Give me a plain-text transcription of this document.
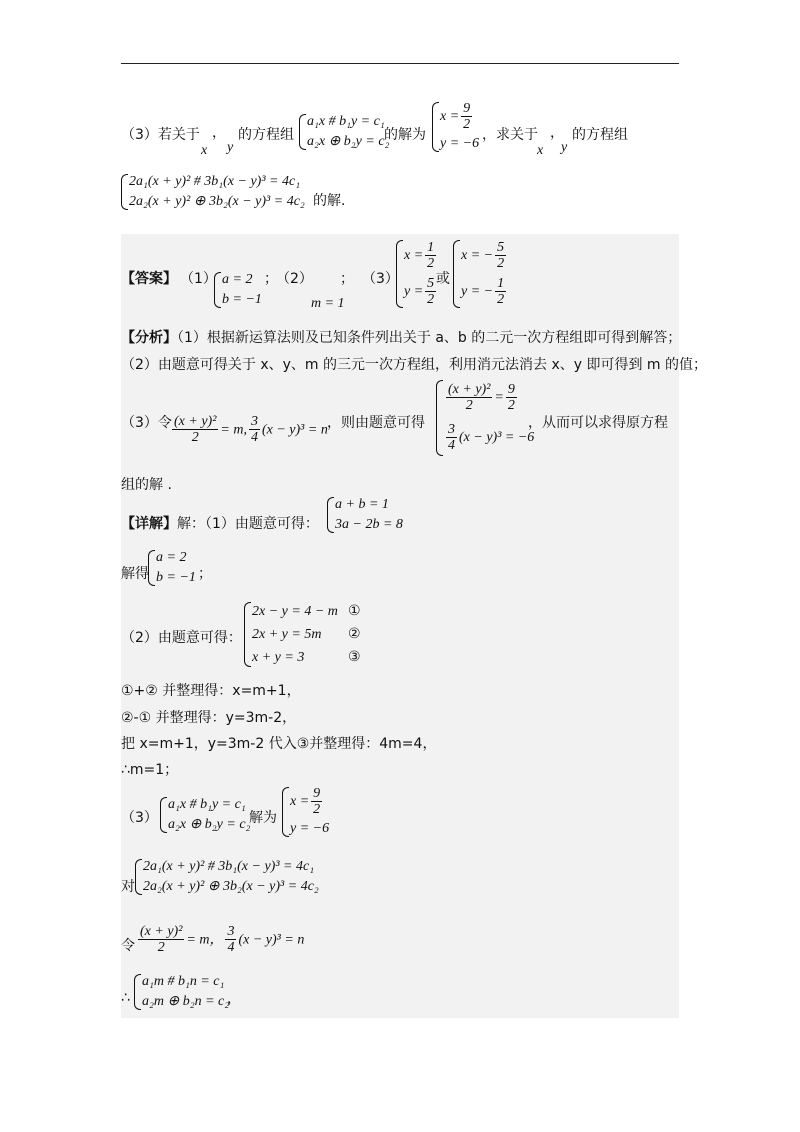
（3）若关于 ，
x y
的方程组
a₁x # b₁y = c₁
a₂x ⊕ b₂y = c₂
的解为
$x = \frac{9}{2}$
y = −6
，求关于 ，
x y
的方程组
2a₁(x + y)² # 3b₁(x − y)³ = 4c₁
2a₂(x + y)² ⊕ 3b₂(x − y)³ = 4c₂ 的解.
【答案】 （1） a = 2
b = −1
；
（2）
m = 1
； （3）
$x = \frac{1}{2}$
$y = \frac{5}{2}$ 或
x = − $\frac{5}{2}$
y = − $\frac{1}{2}$
【分析】（1）根据新运算法则及已知条件列出关于 a、b 的二元一次方程组即可得到解答；
（2）由题意可得关于 x、y、m 的三元一次方程组，利用消元法消去 x、y 即可得到 m 的值；
（3）令 $\frac{\text{(x + y)²}}{2} = m$, $\frac{3}{4} (x - y)^3 = n$ ，则由题意可得
$\frac{\text{(x + y)²}}{2} = \frac{9}{2}$
$\frac{3}{4} (x - y)^3 = -6$
，从而可以求得原方程
组的解 .
【详解】解：（1）由题意可得：
a + b = 1
3a − 2b = 8
解得
a = 2
b = −1 ；
（2）由题意可得：
2x − y = 4 − m ①
2x + y = 5m ②
x + y = 3	③
①+② 并整理得：x=m+1，
②-① 并整理得：y=3m-2，
把 x=m+1，y=3m-2 代入③并整理得：4m=4，
∴m=1；
（3）
a₁x # b₁y = c₁
a₂x ⊕ b₂y = c₂
解为
$x = \frac{9}{2}$
y = −6
对
2a₁(x + y)² # 3b₁(x − y)³ = 4c₁
2a₂(x + y)² ⊕ 3b₂(x − y)³ = 4c₂
令 $\frac{\text{(x + y)²}}{2} = m$， $\frac{3}{4} (x - y)^3 = n$
∴
a₁m # b₁n = c₁
a₂m ⊕ b₂n = c₂
，
